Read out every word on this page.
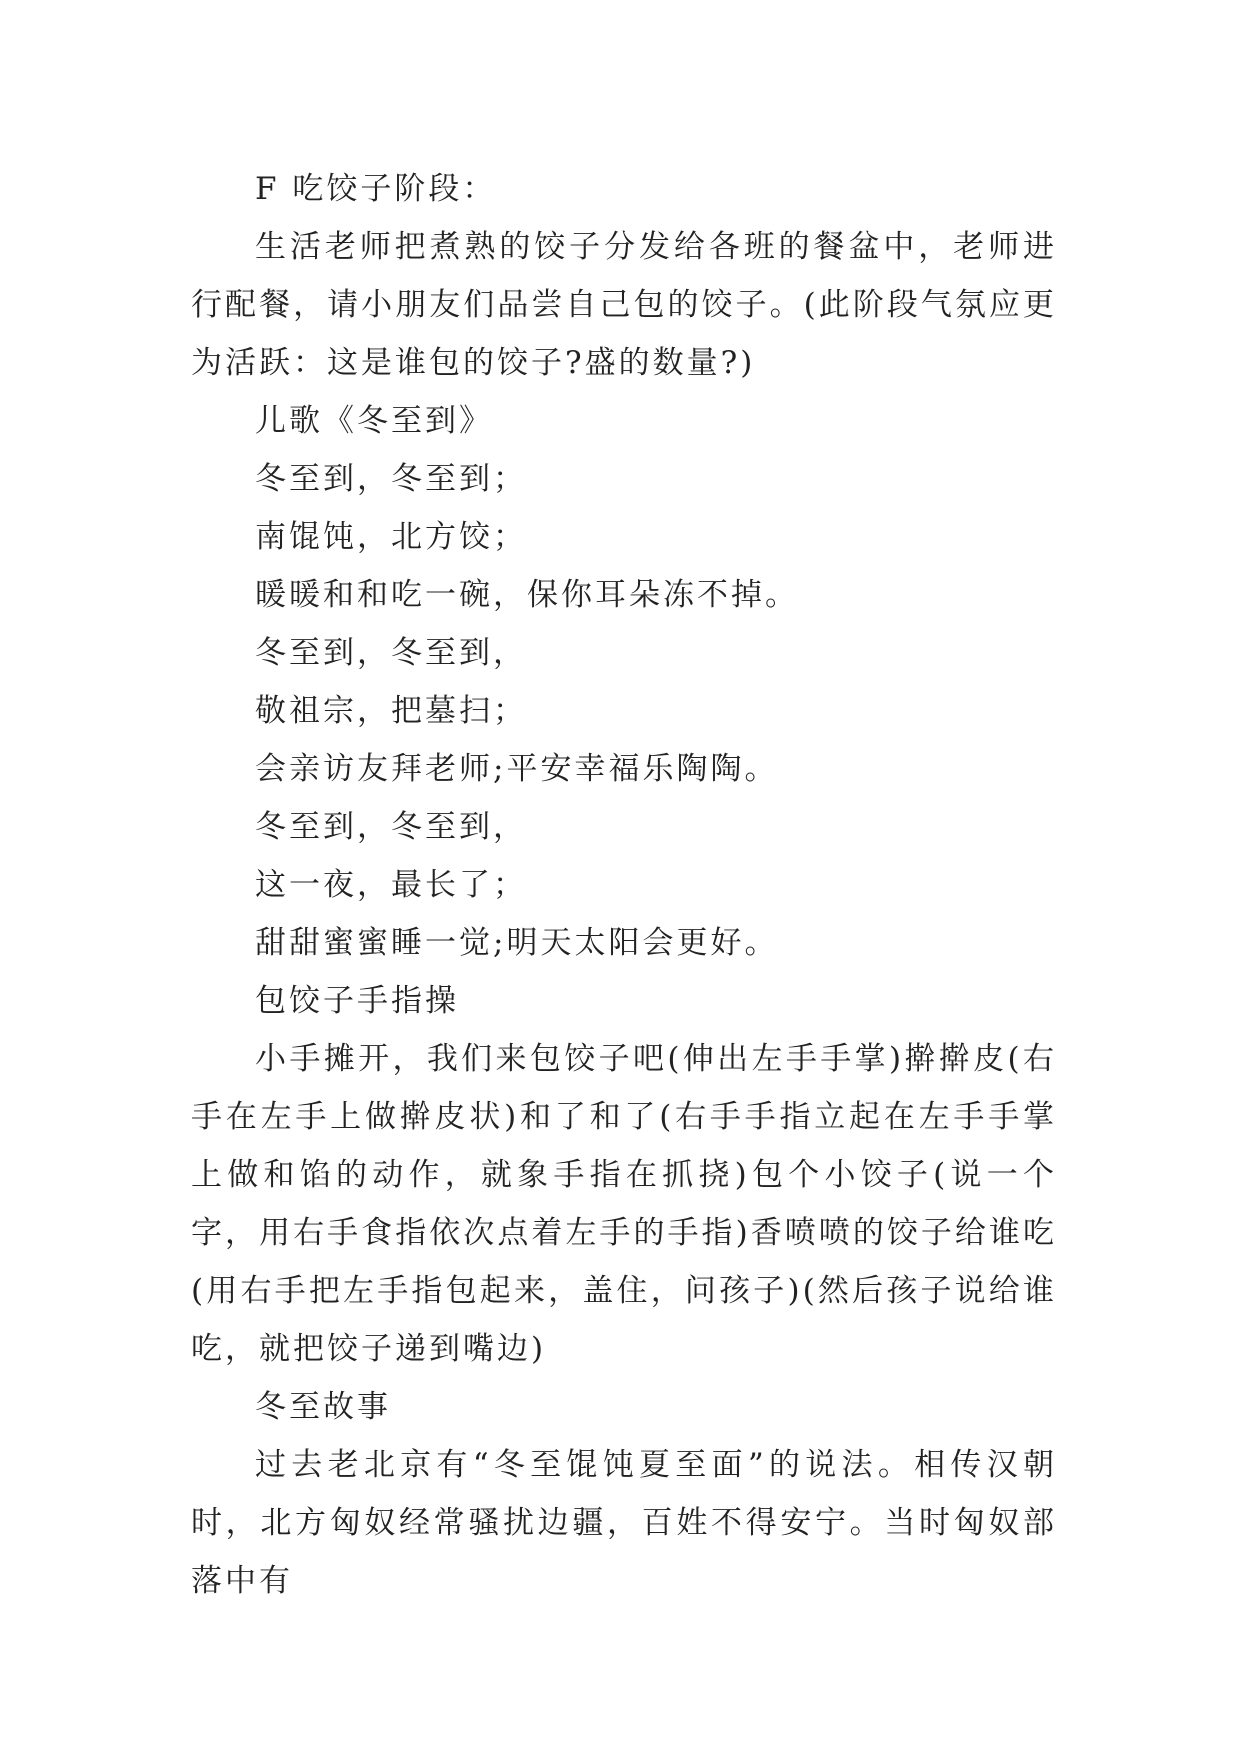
F 吃饺子阶段：

生活老师把煮熟的饺子分发给各班的餐盆中，老师进行配餐，请小朋友们品尝自己包的饺子。(此阶段气氛应更为活跃：这是谁包的饺子?盛的数量?)

儿歌《冬至到》

冬至到，冬至到；

南馄饨，北方饺；

暖暖和和吃一碗，保你耳朵冻不掉。

冬至到，冬至到，

敬祖宗，把墓扫；

会亲访友拜老师;平安幸福乐陶陶。

冬至到，冬至到，

这一夜，最长了；

甜甜蜜蜜睡一觉;明天太阳会更好。

包饺子手指操

小手摊开，我们来包饺子吧(伸出左手手掌)擀擀皮(右手在左手上做擀皮状)和了和了(右手手指立起在左手手掌上做和馅的动作，就象手指在抓挠)包个小饺子(说一个字，用右手食指依次点着左手的手指)香喷喷的饺子给谁吃(用右手把左手指包起来，盖住，问孩子)(然后孩子说给谁吃，就把饺子递到嘴边)

冬至故事

过去老北京有“冬至馄饨夏至面”的说法。相传汉朝时，北方匈奴经常骚扰边疆，百姓不得安宁。当时匈奴部落中有
